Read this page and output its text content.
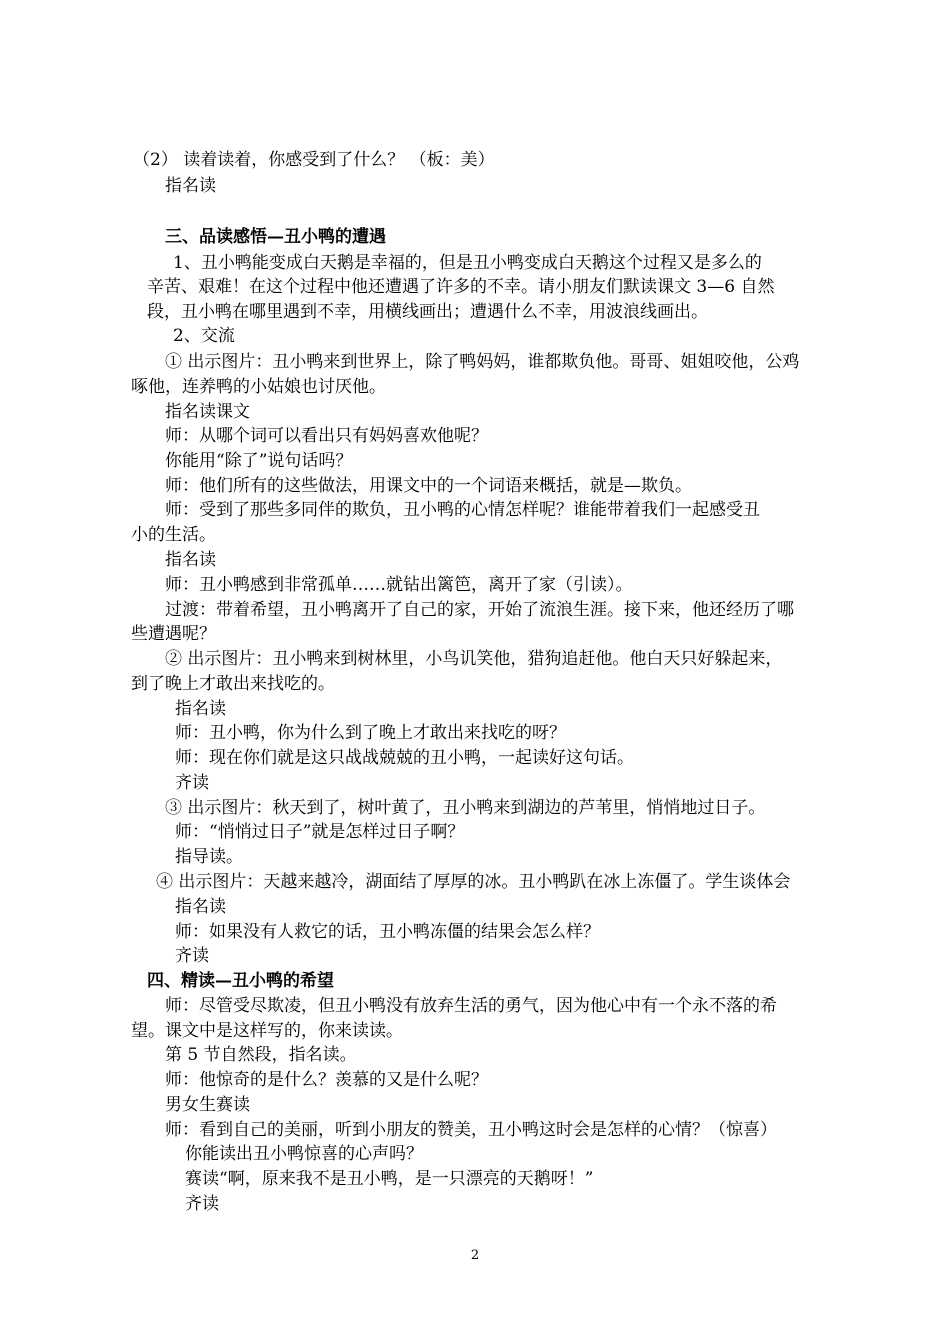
（2） 读着读着，你感受到了什么？ （板：美）
指名读
三、品读感悟—丑小鸭的遭遇
1、丑小鸭能变成白天鹅是幸福的，但是丑小鸭变成白天鹅这个过程又是多么的
辛苦、艰难！在这个过程中他还遭遇了许多的不幸。请小朋友们默读课文 3—6 自然
段，丑小鸭在哪里遇到不幸，用横线画出；遭遇什么不幸，用波浪线画出。
2、交流
① 出示图片：丑小鸭来到世界上，除了鸭妈妈，谁都欺负他。哥哥、姐姐咬他，公鸡
啄他，连养鸭的小姑娘也讨厌他。
指名读课文
师：从哪个词可以看出只有妈妈喜欢他呢？
你能用“除了”说句话吗？
师：他们所有的这些做法，用课文中的一个词语来概括，就是—欺负。
师：受到了那些多同伴的欺负，丑小鸭的心情怎样呢？谁能带着我们一起感受丑
小的生活。
指名读
师：丑小鸭感到非常孤单……就钻出篱笆，离开了家（引读）。
过渡：带着希望，丑小鸭离开了自己的家，开始了流浪生涯。接下来，他还经历了哪
些遭遇呢？
② 出示图片：丑小鸭来到树林里，小鸟讥笑他，猎狗追赶他。他白天只好躲起来，
到了晚上才敢出来找吃的。
指名读
师：丑小鸭，你为什么到了晚上才敢出来找吃的呀？
师：现在你们就是这只战战兢兢的丑小鸭，一起读好这句话。
齐读
③ 出示图片：秋天到了，树叶黄了，丑小鸭来到湖边的芦苇里，悄悄地过日子。
师：“悄悄过日子”就是怎样过日子啊？
指导读。
④ 出示图片：天越来越冷，湖面结了厚厚的冰。丑小鸭趴在冰上冻僵了。学生谈体会
指名读
师：如果没有人救它的话，丑小鸭冻僵的结果会怎么样？
齐读
四、精读—丑小鸭的希望
师：尽管受尽欺凌，但丑小鸭没有放弃生活的勇气，因为他心中有一个永不落的希
望。课文中是这样写的，你来读读。
第 5 节自然段，指名读。
师：他惊奇的是什么？羡慕的又是什么呢？
男女生赛读
师：看到自己的美丽，听到小朋友的赞美，丑小鸭这时会是怎样的心情？（惊喜）
你能读出丑小鸭惊喜的心声吗？
赛读“啊，原来我不是丑小鸭，是一只漂亮的天鹅呀！”
齐读
2
